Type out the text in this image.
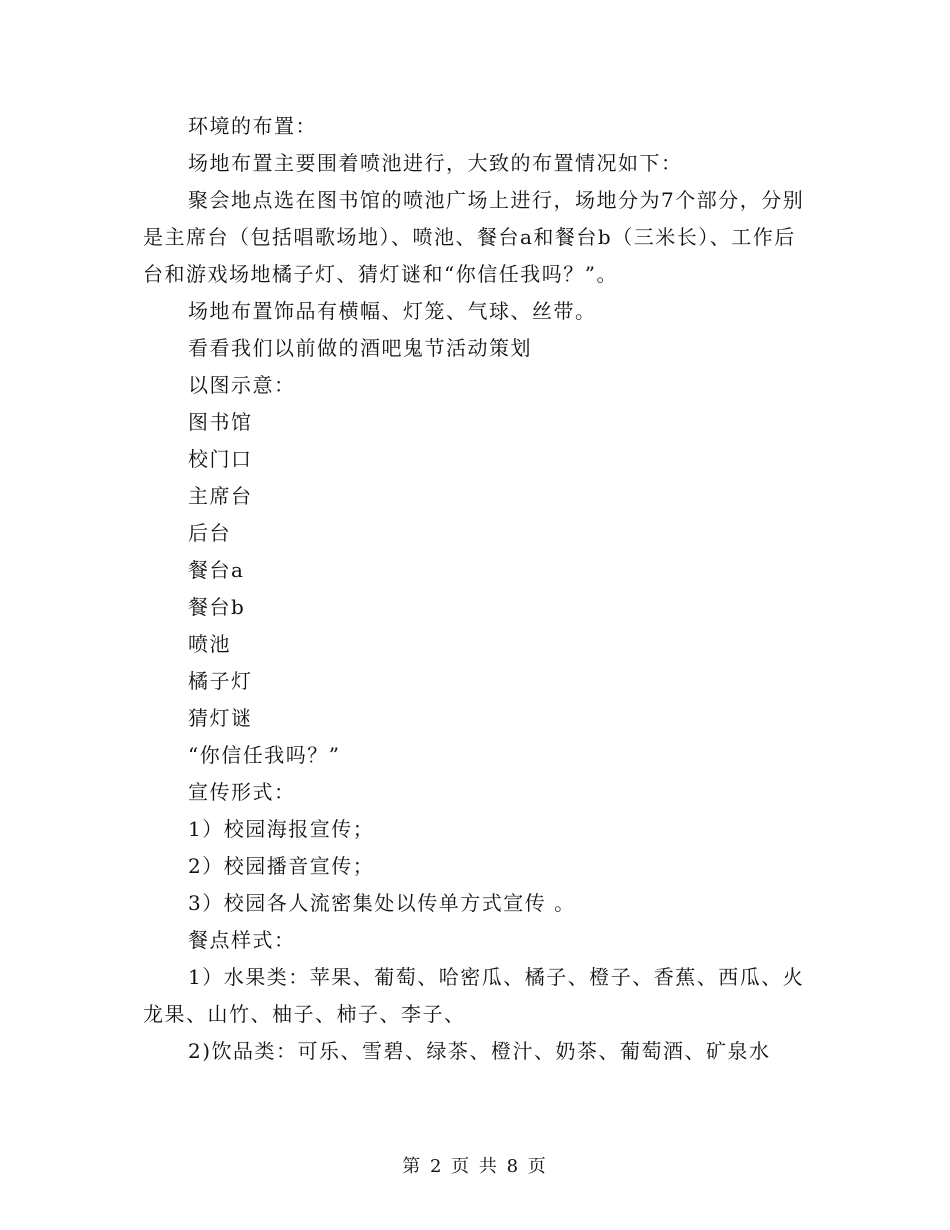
环境的布置：

场地布置主要围着喷池进行，大致的布置情况如下：

聚会地点选在图书馆的喷池广场上进行，场地分为7个部分，分别是主席台（包括唱歌场地）、喷池、餐台a和餐台b（三米长）、工作后台和游戏场地橘子灯、猜灯谜和“你信任我吗？”。

场地布置饰品有横幅、灯笼、气球、丝带。

看看我们以前做的酒吧鬼节活动策划

以图示意：

图书馆

校门口

主席台

后台

餐台a

餐台b

喷池

橘子灯

猜灯谜

“你信任我吗？”

宣传形式：

1）校园海报宣传；

2）校园播音宣传；

3）校园各人流密集处以传单方式宣传 。

餐点样式：

1）水果类：苹果、葡萄、哈密瓜、橘子、橙子、香蕉、西瓜、火龙果、山竹、柚子、柿子、李子、

2)饮品类：可乐、雪碧、绿茶、橙汁、奶茶、葡萄酒、矿泉水

第 2 页 共 8 页
